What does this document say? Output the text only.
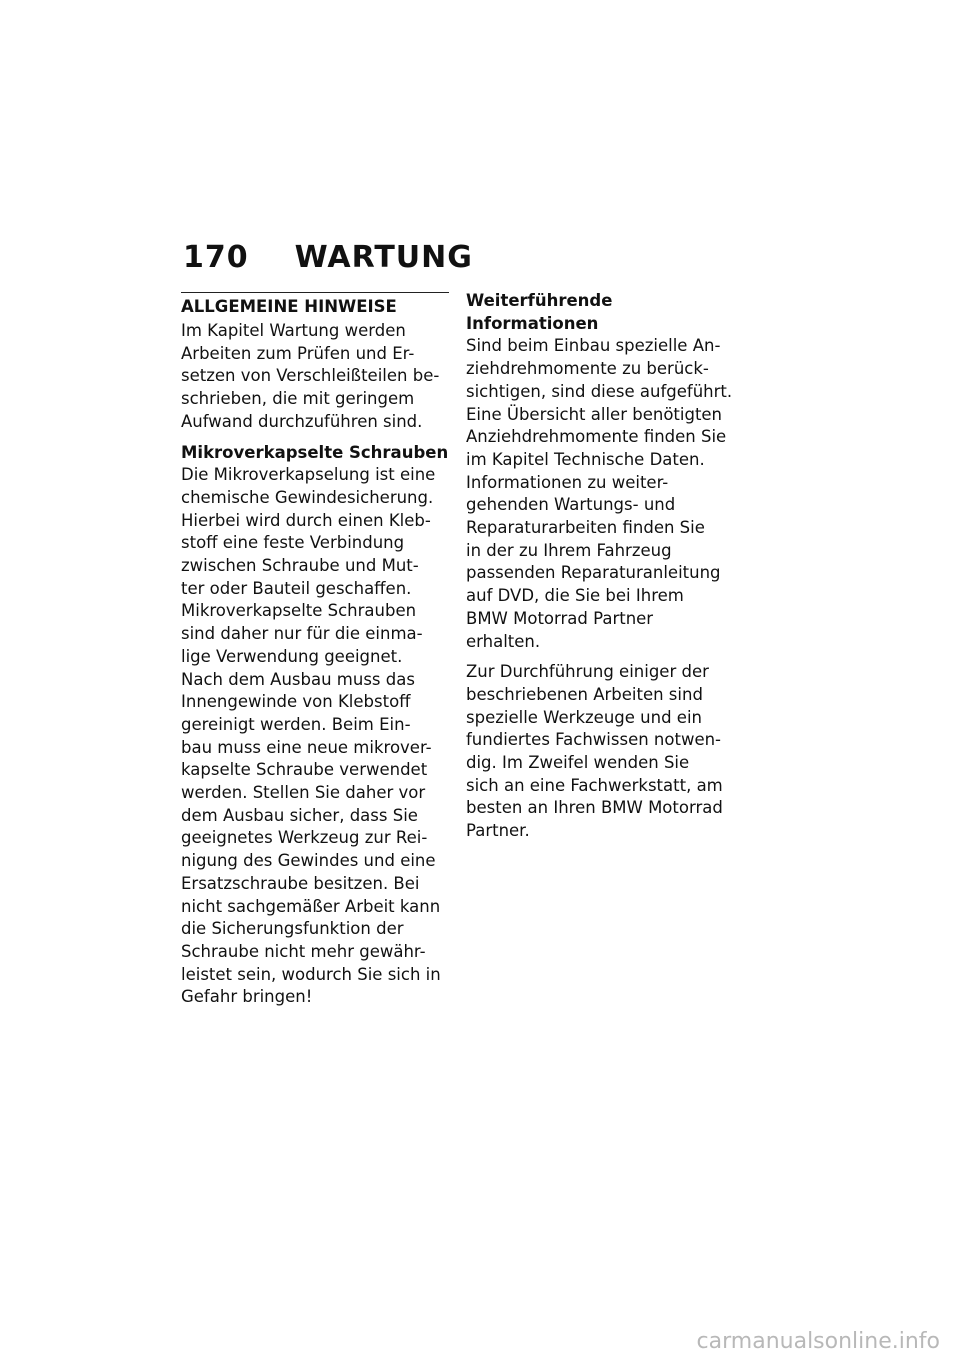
170 WARTUNG
ALLGEMEINE HINWEISE
Im Kapitel Wartung werden
Arbeiten zum Prüfen und Er-
setzen von Verschleißteilen be-
schrieben, die mit geringem
Aufwand durchzuführen sind.
Mikroverkapselte Schrauben
Die Mikroverkapselung ist eine
chemische Gewindesicherung.
Hierbei wird durch einen Kleb-
stoff eine feste Verbindung
zwischen Schraube und Mut-
ter oder Bauteil geschaffen.
Mikroverkapselte Schrauben
sind daher nur für die einma-
lige Verwendung geeignet.
Nach dem Ausbau muss das
Innengewinde von Klebstoff
gereinigt werden. Beim Ein-
bau muss eine neue mikrover-
kapselte Schraube verwendet
werden. Stellen Sie daher vor
dem Ausbau sicher, dass Sie
geeignetes Werkzeug zur Rei-
nigung des Gewindes und eine
Ersatzschraube besitzen. Bei
nicht sachgemäßer Arbeit kann
die Sicherungsfunktion der
Schraube nicht mehr gewähr-
leistet sein, wodurch Sie sich in
Gefahr bringen!
Weiterführende Informationen
Sind beim Einbau spezielle An-
ziehdrehmomente zu berück-
sichtigen, sind diese aufgeführt.
Eine Übersicht aller benötigten
Anziehdrehmomente finden Sie
im Kapitel Technische Daten.
Informationen zu weiter-
gehenden Wartungs- und
Reparaturarbeiten finden Sie
in der zu Ihrem Fahrzeug
passenden Reparaturanleitung
auf DVD, die Sie bei Ihrem
BMW Motorrad Partner
erhalten.
Zur Durchführung einiger der
beschriebenen Arbeiten sind
spezielle Werkzeuge und ein
fundiertes Fachwissen notwen-
dig. Im Zweifel wenden Sie
sich an eine Fachwerkstatt, am
besten an Ihren BMW Motorrad
Partner.
carmanualsonline.info
